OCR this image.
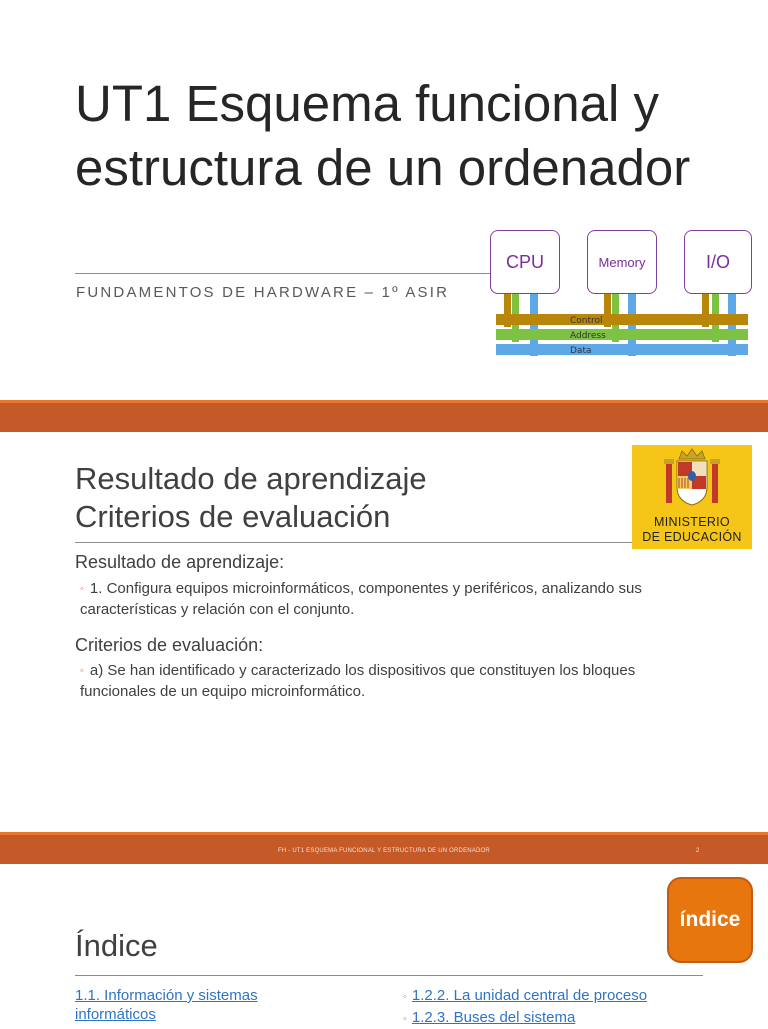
UT1 Esquema funcional y estructura de un ordenador
FUNDAMENTOS DE HARDWARE – 1º ASIR
Control
Address
Data
CPU	Memory	I/O
Resultado de aprendizaje
Criterios de evaluación
Resultado de aprendizaje:
◦ 1. Configura equipos microinformáticos, componentes y periféricos, analizando sus características y relación con el conjunto.
Criterios de evaluación:
◦ a) Se han identificado y caracterizado los dispositivos que constituyen los bloques funcionales de un equipo microinformático.
MINISTERIO
DE EDUCACIÓN
FH - UT1 ESQUEMA FUNCIONAL Y ESTRUCTURA DE UN ORDENADOR	2
índice
Índice
1.1. Información y sistemas informáticos
◦ 1.2.2. La unidad central de proceso
◦ 1.2.3. Buses del sistema
